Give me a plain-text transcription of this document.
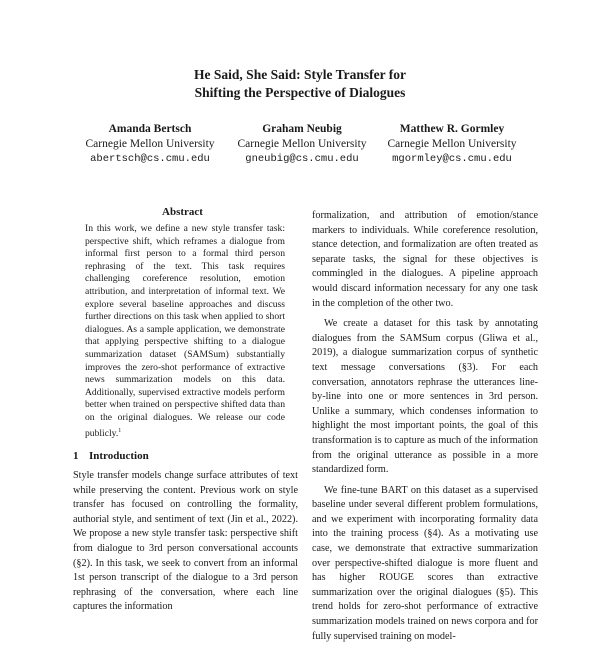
He Said, She Said: Style Transfer for
Shifting the Perspective of Dialogues
Amanda Bertsch
Carnegie Mellon University
abertsch@cs.cmu.edu
Graham Neubig
Carnegie Mellon University
gneubig@cs.cmu.edu
Matthew R. Gormley
Carnegie Mellon University
mgormley@cs.cmu.edu
Abstract
In this work, we define a new style transfer task: perspective shift, which reframes a dialogue from informal first person to a formal third person rephrasing of the text. This task requires challenging coreference resolution, emotion attribution, and interpretation of informal text. We explore several baseline approaches and discuss further directions on this task when applied to short dialogues. As a sample application, we demonstrate that applying perspective shifting to a dialogue summarization dataset (SAMSum) substantially improves the zero-shot performance of extractive news summarization models on this data. Additionally, supervised extractive models perform better when trained on perspective shifted data than on the original dialogues. We release our code publicly.$^1$
1 Introduction

Style transfer models change surface attributes of text while preserving the content. Previous work on style transfer has focused on controlling the formality, authorial style, and sentiment of text (Jin et al., 2022). We propose a new style transfer task: perspective shift from dialogue to 3rd person conversational accounts (§2). In this task, we seek to convert from an informal 1st person transcript of the dialogue to a 3rd person rephrasing of the conversation, where each line captures the information

formalization, and attribution of emotion/stance markers to individuals. While coreference resolution, stance detection, and formalization are often treated as separate tasks, the signal for these objectives is commingled in the dialogues. A pipeline approach would discard information necessary for any one task in the completion of the other two.

We create a dataset for this task by annotating dialogues from the SAMSum corpus (Gliwa et al., 2019), a dialogue summarization corpus of synthetic text message conversations (§3). For each conversation, annotators rephrase the utterances line-by-line into one or more sentences in 3rd person. Unlike a summary, which condenses information to highlight the most important points, the goal of this transformation is to capture as much of the information from the original utterance as possible in a more standardized form.

We fine-tune BART on this dataset as a supervised baseline under several different problem formulations, and we experiment with incorporating formality data into the training process (§4). As a motivating use case, we demonstrate that extractive summarization over perspective-shifted dialogue is more fluent and has higher ROUGE scores than extractive summarization over the original dialogues (§5). This trend holds for zero-shot performance of extractive summarization models trained on news corpora and for fully supervised training on model-
